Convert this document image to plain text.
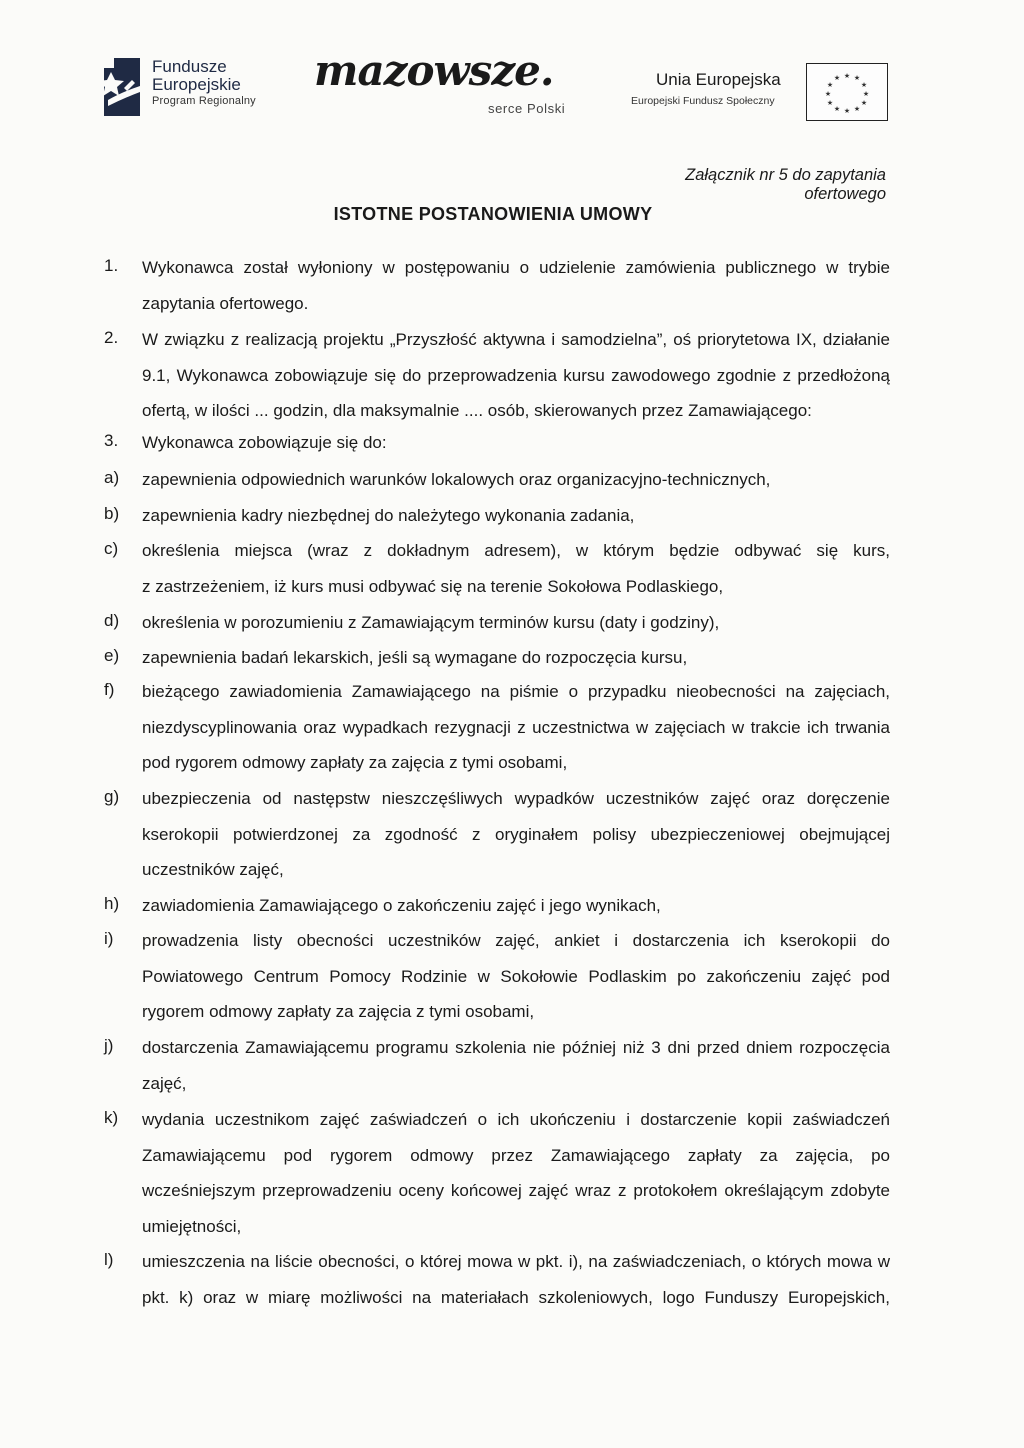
Fundusze
Europejskie
Program Regionalny
mazowsze.
serce Polski
Unia Europejska
Europejski Fundusz Społeczny
★ ★
★
★
★
★
★
★
★
★
★
★
Załącznik nr 5 do zapytania ofertowego
ISTOTNE POSTANOWIENIA UMOWY
1. Wykonawca został wyłoniony w postępowaniu o udzielenie zamówienia publicznego w trybie
zapytania ofertowego.
2. W związku z realizacją projektu „Przyszłość aktywna i samodzielna”, oś priorytetowa IX, działanie
9.1, Wykonawca zobowiązuje się do przeprowadzenia kursu zawodowego zgodnie z przedłożoną
ofertą, w ilości ... godzin, dla maksymalnie .... osób, skierowanych przez Zamawiającego:
3. Wykonawca zobowiązuje się do:
a) zapewnienia odpowiednich warunków lokalowych oraz organizacyjno-technicznych,
b) zapewnienia kadry niezbędnej do należytego wykonania zadania,
c) określenia miejsca (wraz z dokładnym adresem), w którym będzie odbywać się kurs,
z zastrzeżeniem, iż kurs musi odbywać się na terenie Sokołowa Podlaskiego,
d) określenia w porozumieniu z Zamawiającym terminów kursu (daty i godziny),
e) zapewnienia badań lekarskich, jeśli są wymagane do rozpoczęcia kursu,
f) bieżącego zawiadomienia Zamawiającego na piśmie o przypadku nieobecności na zajęciach,
niezdyscyplinowania oraz wypadkach rezygnacji z uczestnictwa w zajęciach w trakcie ich trwania
pod rygorem odmowy zapłaty za zajęcia z tymi osobami,
g) ubezpieczenia od następstw nieszczęśliwych wypadków uczestników zajęć oraz doręczenie
kserokopii potwierdzonej za zgodność z oryginałem polisy ubezpieczeniowej obejmującej
uczestników zajęć,
h) zawiadomienia Zamawiającego o zakończeniu zajęć i jego wynikach,
i) prowadzenia listy obecności uczestników zajęć, ankiet i dostarczenia ich kserokopii do
Powiatowego Centrum Pomocy Rodzinie w Sokołowie Podlaskim po zakończeniu zajęć pod
rygorem odmowy zapłaty za zajęcia z tymi osobami,
j) dostarczenia Zamawiającemu programu szkolenia nie później niż 3 dni przed dniem rozpoczęcia
zajęć,
k) wydania uczestnikom zajęć zaświadczeń o ich ukończeniu i dostarczenie kopii zaświadczeń
Zamawiającemu pod rygorem odmowy przez Zamawiającego zapłaty za zajęcia, po
wcześniejszym przeprowadzeniu oceny końcowej zajęć wraz z protokołem określającym zdobyte
umiejętności,
l) umieszczenia na liście obecności, o której mowa w pkt. i), na zaświadczeniach, o których mowa w
pkt. k) oraz w miarę możliwości na materiałach szkoleniowych, logo Funduszy Europejskich,
